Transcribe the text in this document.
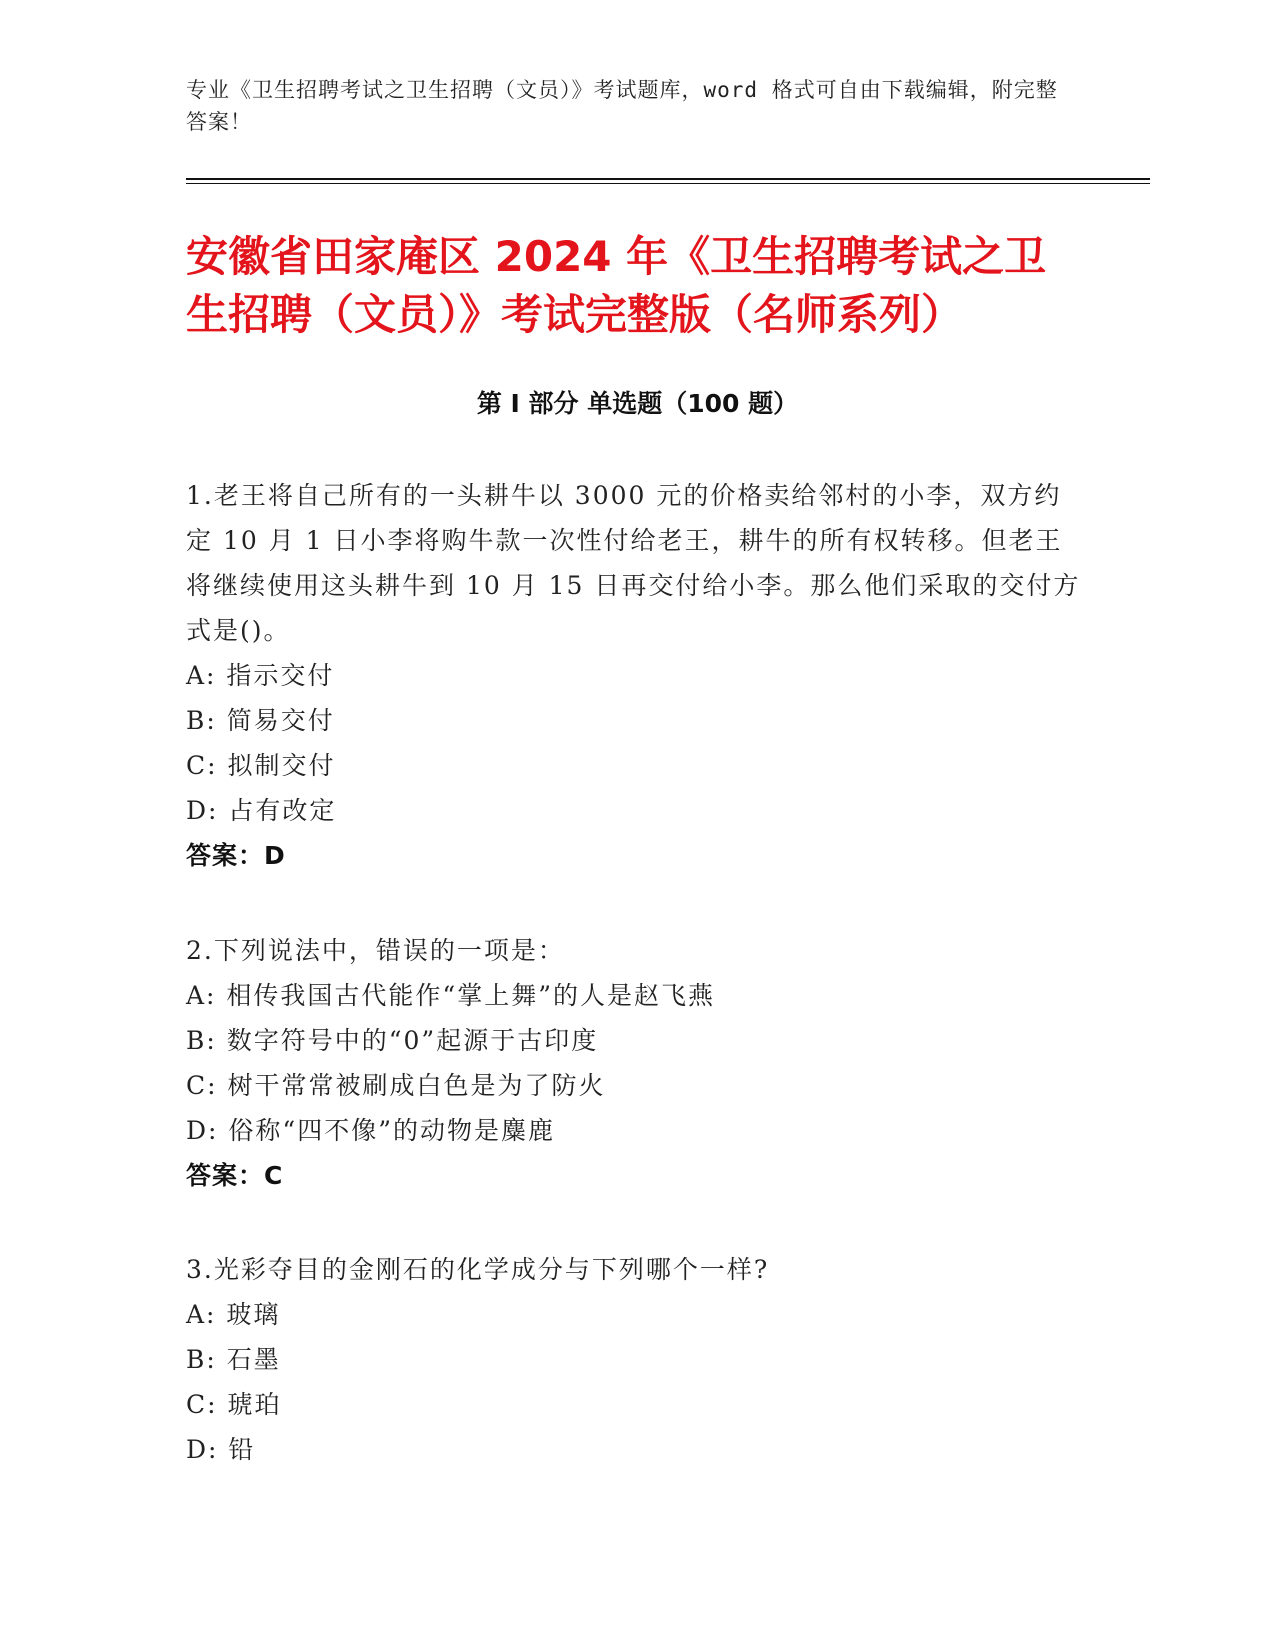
专业《卫生招聘考试之卫生招聘（文员）》考试题库，word 格式可自由下载编辑，附完整答案！
安徽省田家庵区 2024 年《卫生招聘考试之卫生招聘（文员）》考试完整版（名师系列）
第 I 部分 单选题（100 题）

1.老王将自己所有的一头耕牛以 3000 元的价格卖给邻村的小李，双方约定 10 月 1 日小李将购牛款一次性付给老王，耕牛的所有权转移。但老王将继续使用这头耕牛到 10 月 15 日再交付给小李。那么他们采取的交付方式是()。

A: 指示交付

B: 简易交付

C: 拟制交付

D: 占有改定

答案：D

2.下列说法中，错误的一项是：

A: 相传我国古代能作“掌上舞”的人是赵飞燕

B: 数字符号中的“0”起源于古印度

C: 树干常常被刷成白色是为了防火

D: 俗称“四不像”的动物是麋鹿

答案：C

3.光彩夺目的金刚石的化学成分与下列哪个一样?

A: 玻璃

B: 石墨

C: 琥珀

D: 铅
